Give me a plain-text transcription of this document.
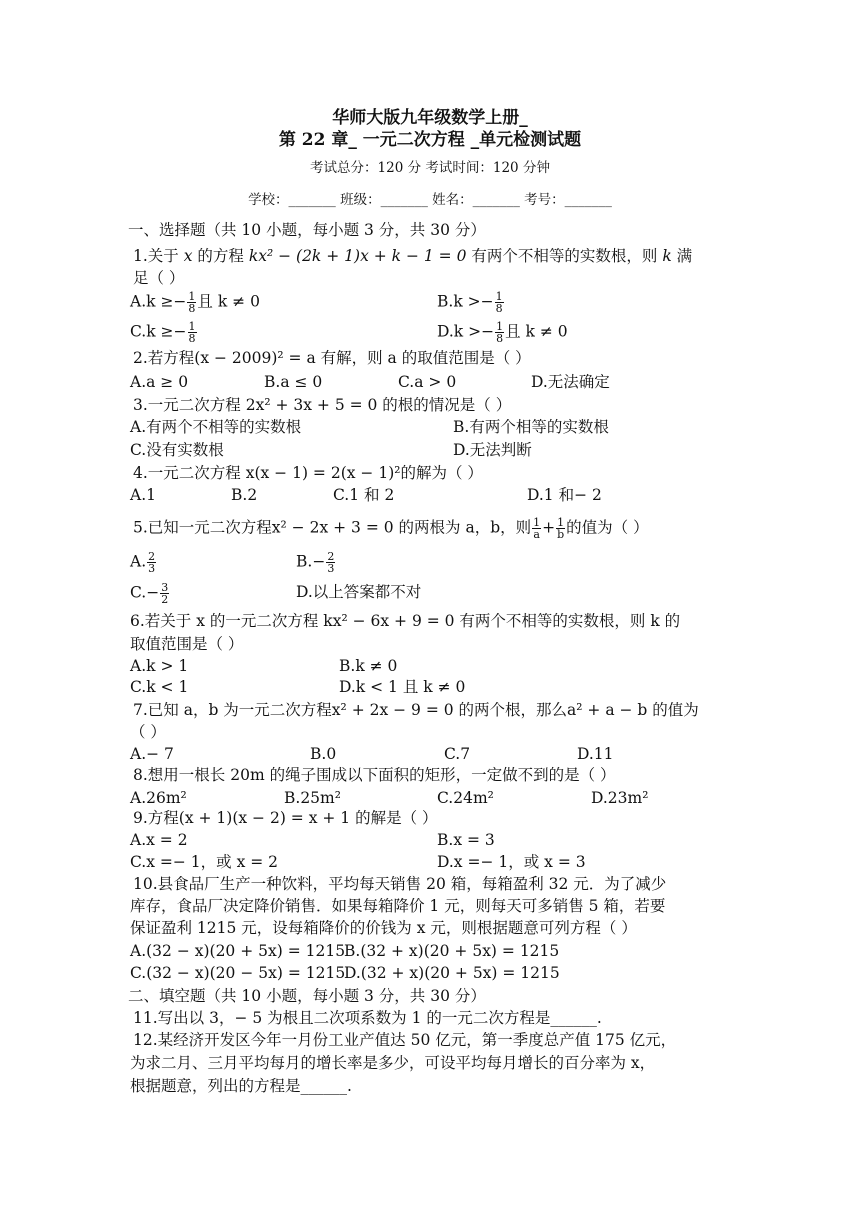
华师大版九年级数学上册_
第 22 章_ 一元二次方程 _单元检测试题
考试总分：120 分 考试时间：120 分钟
学校：_______ 班级：_______ 姓名：_______ 考号：_______
一、选择题（共 10 小题，每小题 3 分，共 30 分）
1.关于 x 的方程 kx² − (2k + 1)x + k − 1 = 0 有两个不相等的实数根，则 k 满
足（ ）
$A.k \ge- \frac{1}{8}$ 且 k ≠ 0	$B.k >- \frac{1}{8}$
$C.k \ge- \frac{1}{8}$	$D.k >- \frac{1}{8}$ 且 k ≠ 0
2.若方程(x − 2009)² = a 有解，则 a 的取值范围是（ ）
A.a ≥ 0	B.a ≤ 0	C.a > 0	D.无法确定
3.一元二次方程 2x² + 3x + 5 = 0 的根的情况是（ ）
A.有两个不相等的实数根	B.有两个相等的实数根
C.没有实数根	D.无法判断
4.一元二次方程 x(x − 1) = 2(x − 1)²的解为（ ）
A.1	B.2	C.1 和 2	D.1 和− 2
5.已知一元二次方程x² − 2x + 3 = 0 的两根为 a，b，则 $\frac{1}{a} + \frac{1}{b}$ 的值为（ ）
A. $\frac{2}{3}$	$B.- \frac{2}{3}$
$C.- \frac{3}{2}$	D.以上答案都不对
6.若关于 x 的一元二次方程 kx² − 6x + 9 = 0 有两个不相等的实数根，则 k 的
取值范围是（ ）
A.k > 1	B.k ≠ 0
C.k < 1	D.k < 1 且 k ≠ 0
7.已知 a，b 为一元二次方程x² + 2x − 9 = 0 的两个根，那么a² + a − b 的值为
（ ）
A.− 7	B.0	C.7	D.11
8.想用一根长 20m 的绳子围成以下面积的矩形，一定做不到的是（ ）
A.26m²	B.25m²	C.24m²	D.23m²
9.方程(x + 1)(x − 2) = x + 1 的解是（ ）
A.x = 2	B.x = 3
C.x =− 1，或 x = 2	D.x =− 1，或 x = 3
10.县食品厂生产一种饮料，平均每天销售 20 箱，每箱盈利 32 元．为了减少
库存，食品厂决定降价销售．如果每箱降价 1 元，则每天可多销售 5 箱，若要
保证盈利 1215 元，设每箱降价的价钱为 x 元，则根据题意可列方程（ ）
A.(32 − x)(20 + 5x) = 1215
B.(32 + x)(20 + 5x) = 1215
C.(32 − x)(20 − 5x) = 1215
D.(32 + x)(20 + 5x) = 1215
二、填空题（共 10 小题，每小题 3 分，共 30 分）
11.写出以 3，− 5 为根且二次项系数为 1 的一元二次方程是______.
12.某经济开发区今年一月份工业产值达 50 亿元，第一季度总产值 175 亿元，
为求二月、三月平均每月的增长率是多少，可设平均每月增长的百分率为 x，
根据题意，列出的方程是______.
